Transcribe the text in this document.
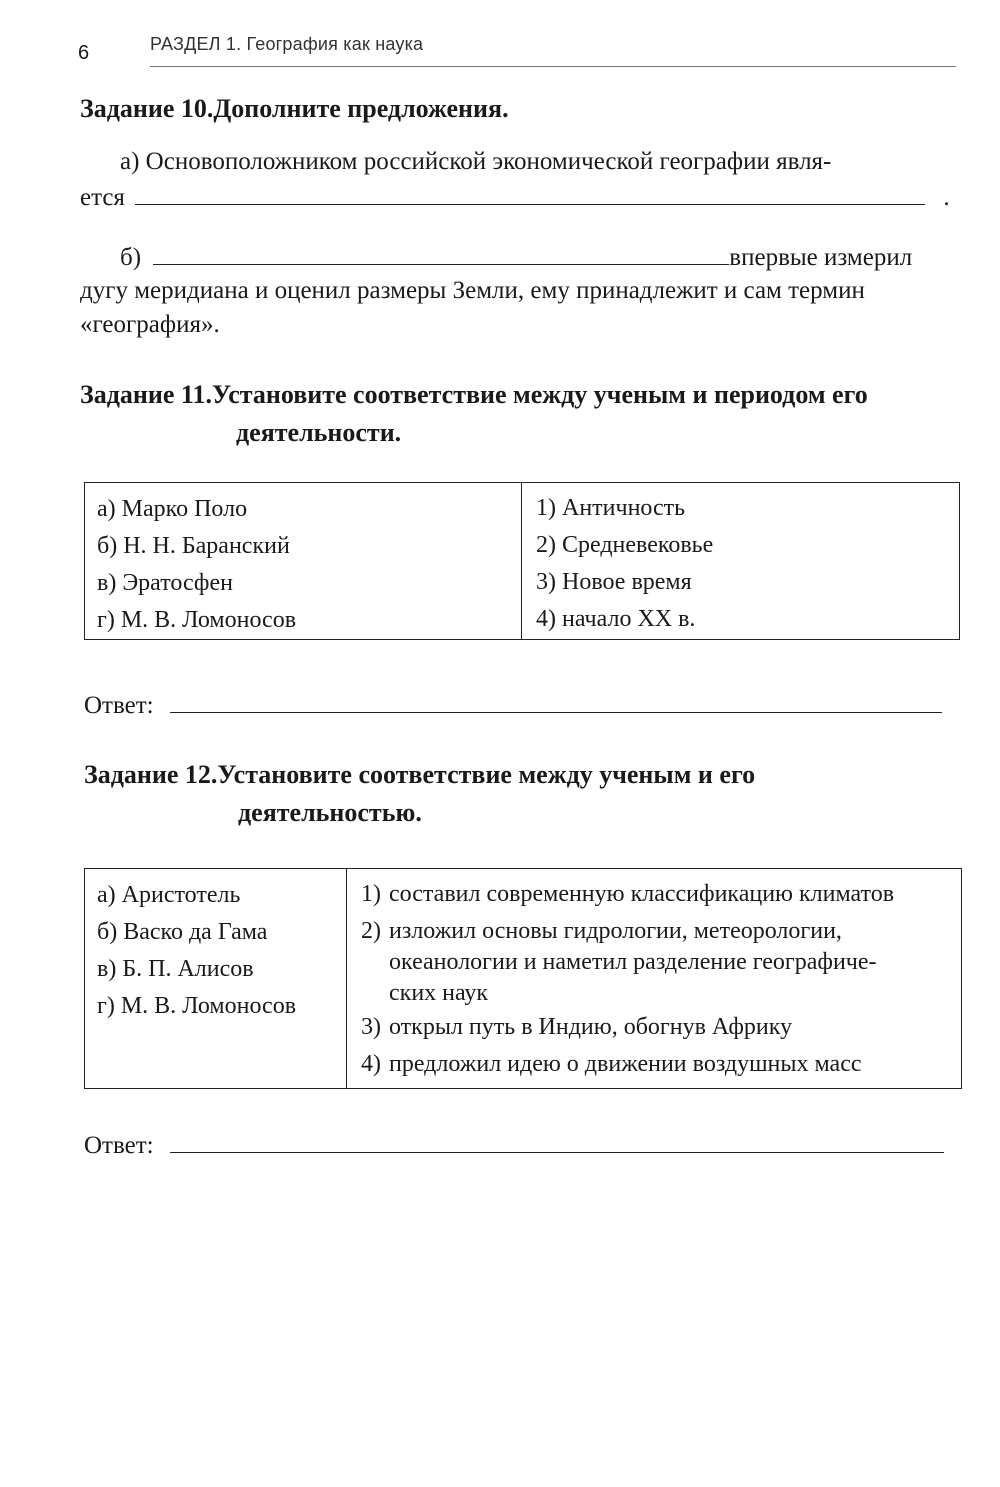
6	РАЗДЕЛ 1. География как наука
Задание 10.Дополните предложения.
а) Основоположником российской экономической географии явля-
ется	.
б)	впервые измерил
дугу меридиана и оценил размеры Земли, ему принадлежит и сам термин
«география».
Задание 11.Установите соответствие между ученым и периодом его
деятельности.
а) Марко Поло
б) Н. Н. Баранский
в) Эратосфен
г) М. В. Ломоносов

1) Античность
2) Средневековье
3) Новое время
4) начало XX в.
Ответ:
Задание 12.Установите соответствие между ученым и его
деятельностью.
а) Аристотель
б) Васко да Гама
в) Б. П. Алисов
г) М. В. Ломоносов

1) составил современную классификацию климатов
2) изложил основы гидрологии, метеорологии,
океанологии и наметил разделение географиче-
ских наук
3) открыл путь в Индию, обогнув Африку
4) предложил идею о движении воздушных масс
Ответ:
